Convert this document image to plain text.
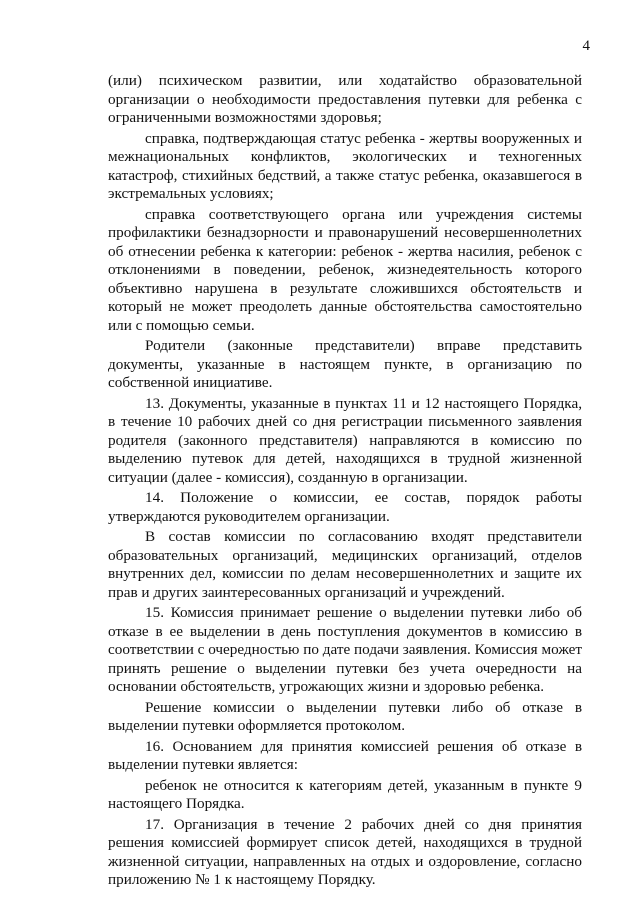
4

(или) психическом развитии, или ходатайство образовательной организации о необходимости предоставления путевки для ребенка с ограниченными возможностями здоровья;

справка, подтверждающая статус ребенка - жертвы вооруженных и межнациональных конфликтов, экологических и техногенных катастроф, стихийных бедствий, а также статус ребенка, оказавшегося в экстремальных условиях;

справка соответствующего органа или учреждения системы профилактики безнадзорности и правонарушений несовершеннолетних об отнесении ребенка к категории: ребенок - жертва насилия, ребенок с отклонениями в поведении, ребенок, жизнедеятельность которого объективно нарушена в результате сложившихся обстоятельств и который не может преодолеть данные обстоятельства самостоятельно или с помощью семьи.

Родители (законные представители) вправе представить документы, указанные в настоящем пункте, в организацию по собственной инициативе.

13. Документы, указанные в пунктах 11 и 12 настоящего Порядка, в течение 10 рабочих дней со дня регистрации письменного заявления родителя (законного представителя) направляются в комиссию по выделению путевок для детей, находящихся в трудной жизненной ситуации (далее - комиссия), созданную в организации.

14. Положение о комиссии, ее состав, порядок работы утверждаются руководителем организации.

В состав комиссии по согласованию входят представители образовательных организаций, медицинских организаций, отделов внутренних дел, комиссии по делам несовершеннолетних и защите их прав и других заинтересованных организаций и учреждений.

15. Комиссия принимает решение о выделении путевки либо об отказе в ее выделении в день поступления документов в комиссию в соответствии с очередностью по дате подачи заявления. Комиссия может принять решение о выделении путевки без учета очередности на основании обстоятельств, угрожающих жизни и здоровью ребенка.

Решение комиссии о выделении путевки либо об отказе в выделении путевки оформляется протоколом.

16. Основанием для принятия комиссией решения об отказе в выделении путевки является:

ребенок не относится к категориям детей, указанным в пункте 9 настоящего Порядка.

17. Организация в течение 2 рабочих дней со дня принятия решения комиссией формирует список детей, находящихся в трудной жизненной ситуации, направленных на отдых и оздоровление, согласно приложению № 1 к настоящему Порядку.
